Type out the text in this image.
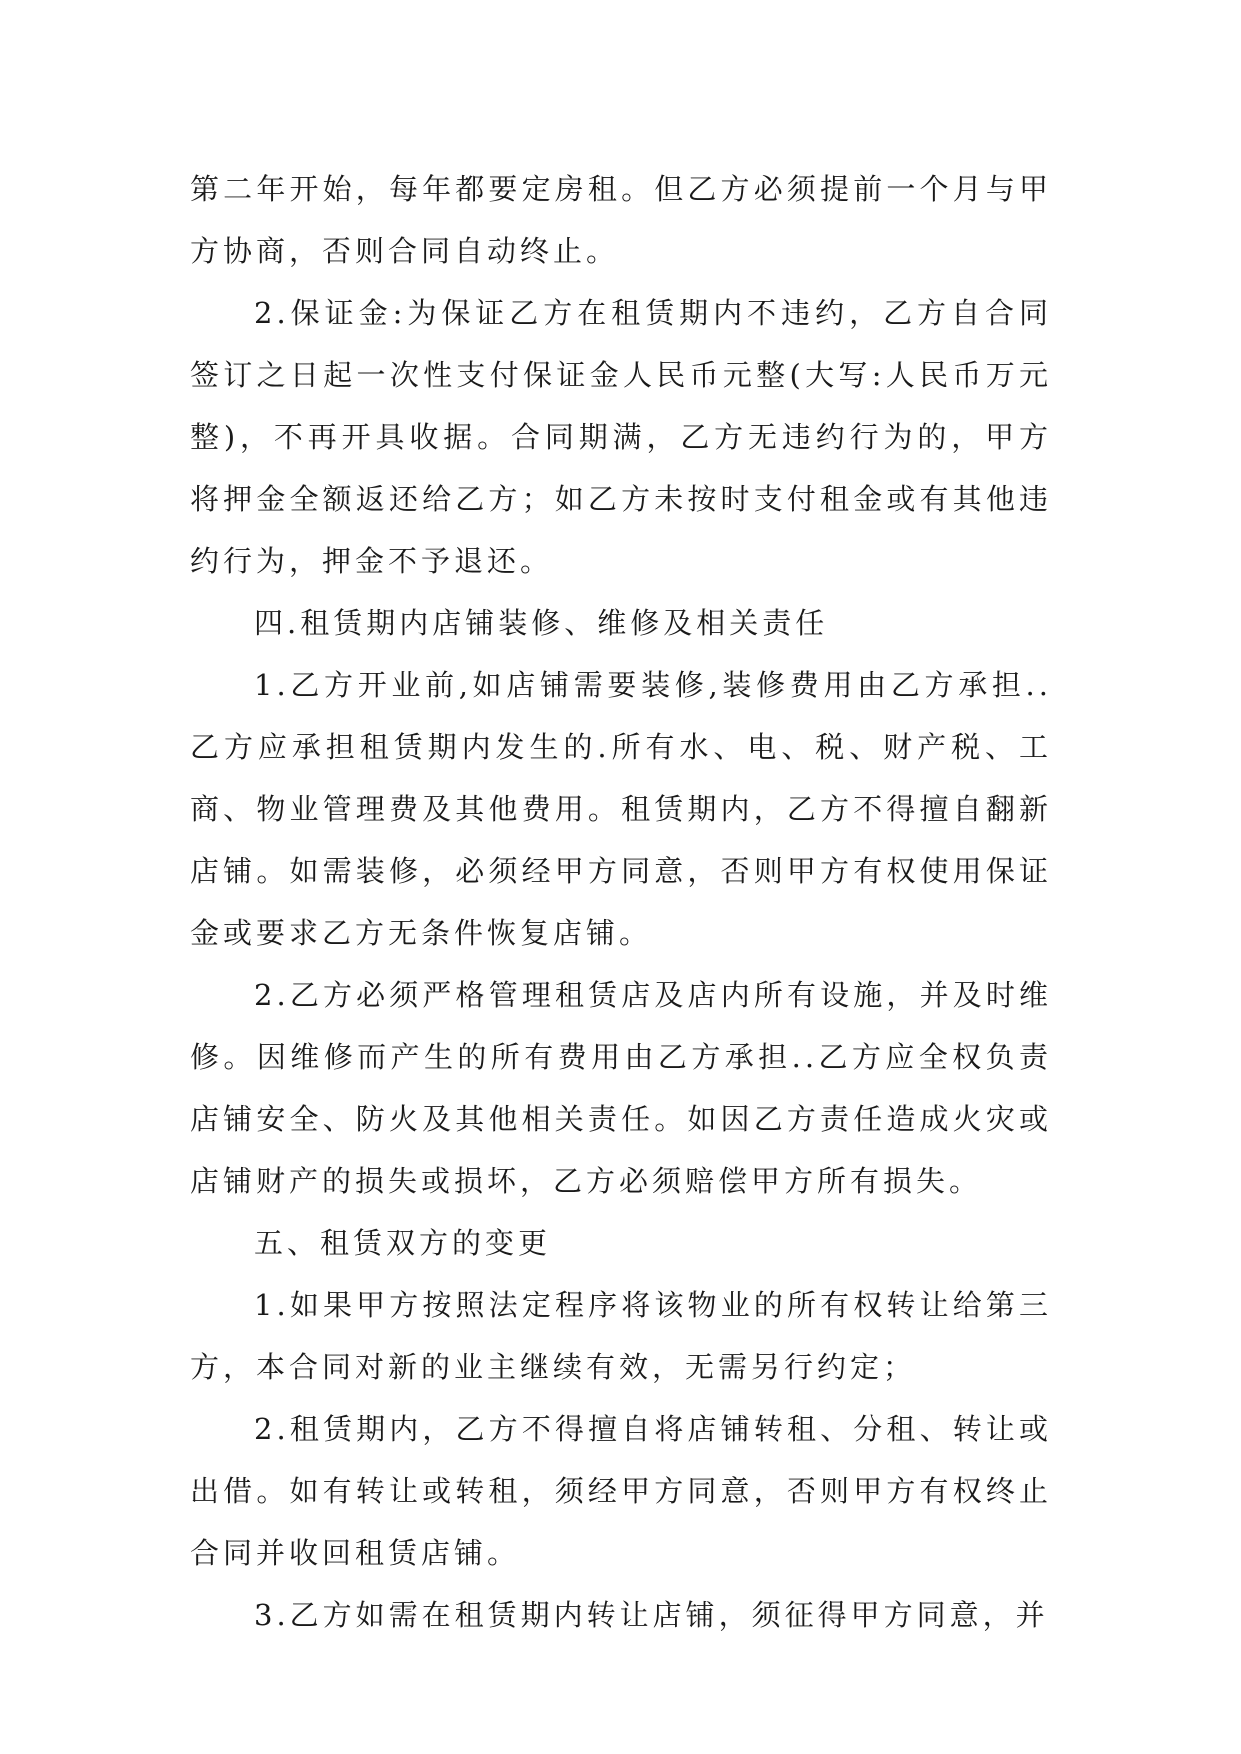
第二年开始，每年都要定房租。但乙方必须提前一个月与甲方协商，否则合同自动终止。

2.保证金:为保证乙方在租赁期内不违约，乙方自合同签订之日起一次性支付保证金人民币元整(大写:人民币万元整)，不再开具收据。合同期满，乙方无违约行为的，甲方将押金全额返还给乙方；如乙方未按时支付租金或有其他违约行为，押金不予退还。

四.租赁期内店铺装修、维修及相关责任

1.乙方开业前,如店铺需要装修,装修费用由乙方承担..乙方应承担租赁期内发生的.所有水、电、税、财产税、工商、物业管理费及其他费用。租赁期内，乙方不得擅自翻新店铺。如需装修，必须经甲方同意，否则甲方有权使用保证金或要求乙方无条件恢复店铺。

2.乙方必须严格管理租赁店及店内所有设施，并及时维修。因维修而产生的所有费用由乙方承担..乙方应全权负责店铺安全、防火及其他相关责任。如因乙方责任造成火灾或店铺财产的损失或损坏，乙方必须赔偿甲方所有损失。

五、租赁双方的变更

1.如果甲方按照法定程序将该物业的所有权转让给第三方，本合同对新的业主继续有效，无需另行约定；

2.租赁期内，乙方不得擅自将店铺转租、分租、转让或出借。如有转让或转租，须经甲方同意，否则甲方有权终止合同并收回租赁店铺。

3.乙方如需在租赁期内转让店铺，须征得甲方同意，并
